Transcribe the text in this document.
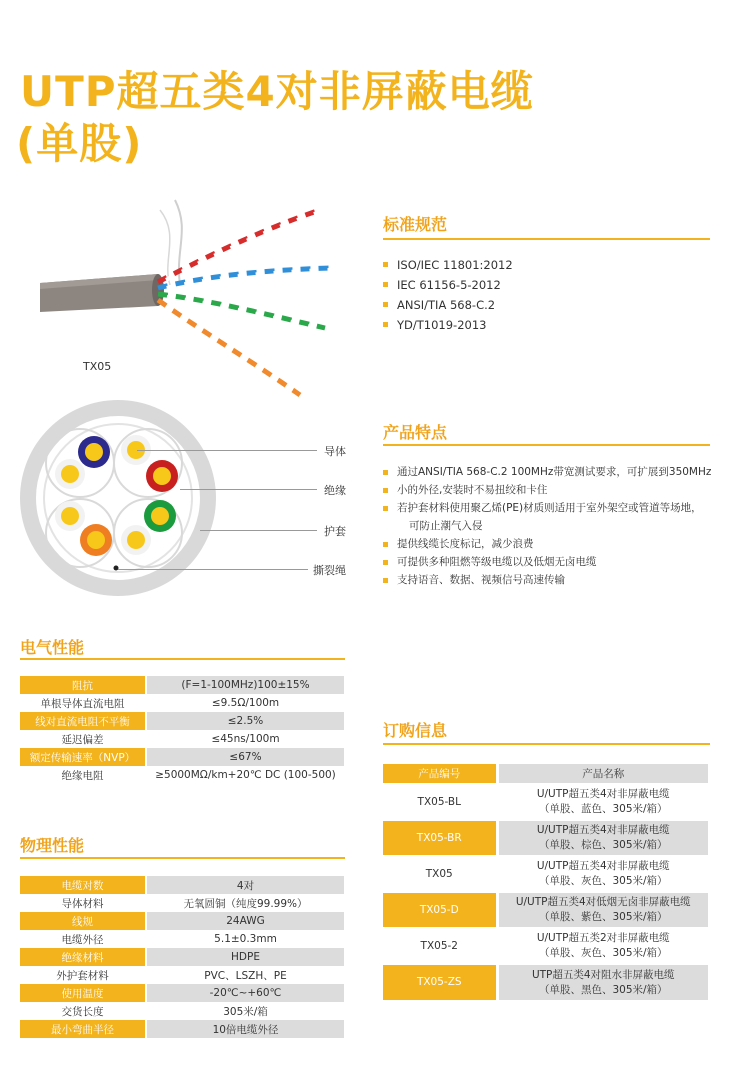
UTP超五类4对非屏蔽电缆
(单股)
TX05
导体
绝缘
护套
撕裂绳
标准规范
ISO/IEC 11801:2012
IEC 61156-5-2012
ANSI/TIA 568-C.2
YD/T1019-2013
产品特点
通过ANSI/TIA 568-C.2 100MHz带宽测试要求，可扩展到350MHz
小的外径,安装时不易扭绞和卡住
若护套材料使用聚乙烯(PE)材质则适用于室外架空或管道等场地，
可防止潮气入侵
提供线缆长度标记，减少浪费
可提供多种阻燃等级电缆以及低烟无卤电缆
支持语音、数据、视频信号高速传输
电气性能
阻抗	(F=1-100MHz)100±15%
单根导体直流电阻	≤9.5Ω/100m
线对直流电阻不平衡	≤2.5%
延迟偏差	≤45ns/100m
额定传输速率（NVP）	≤67%
绝缘电阻	≥5000MΩ/km+20℃ DC (100-500)
物理性能
电缆对数	4对
导体材料	无氧圆铜（纯度99.99%）
线规	24AWG
电缆外径	5.1±0.3mm
绝缘材料	HDPE
外护套材料	PVC、LSZH、PE
使用温度	-20℃~+60℃
交货长度	305米/箱
最小弯曲半径	10倍电缆外径
订购信息
产品编号	产品名称
TX05-BL	U/UTP超五类4对非屏蔽电缆
（单股、蓝色、305米/箱）

TX05-BR	U/UTP超五类4对非屏蔽电缆
（单股、棕色、305米/箱）

TX05	U/UTP超五类4对非屏蔽电缆
（单股、灰色、305米/箱）

TX05-D	U/UTP超五类4对低烟无卤非屏蔽电缆
（单股、紫色、305米/箱）

TX05-2	U/UTP超五类2对非屏蔽电缆
（单股、灰色、305米/箱）

TX05-ZS	UTP超五类4对阻水非屏蔽电缆
（单股、黑色、305米/箱）
